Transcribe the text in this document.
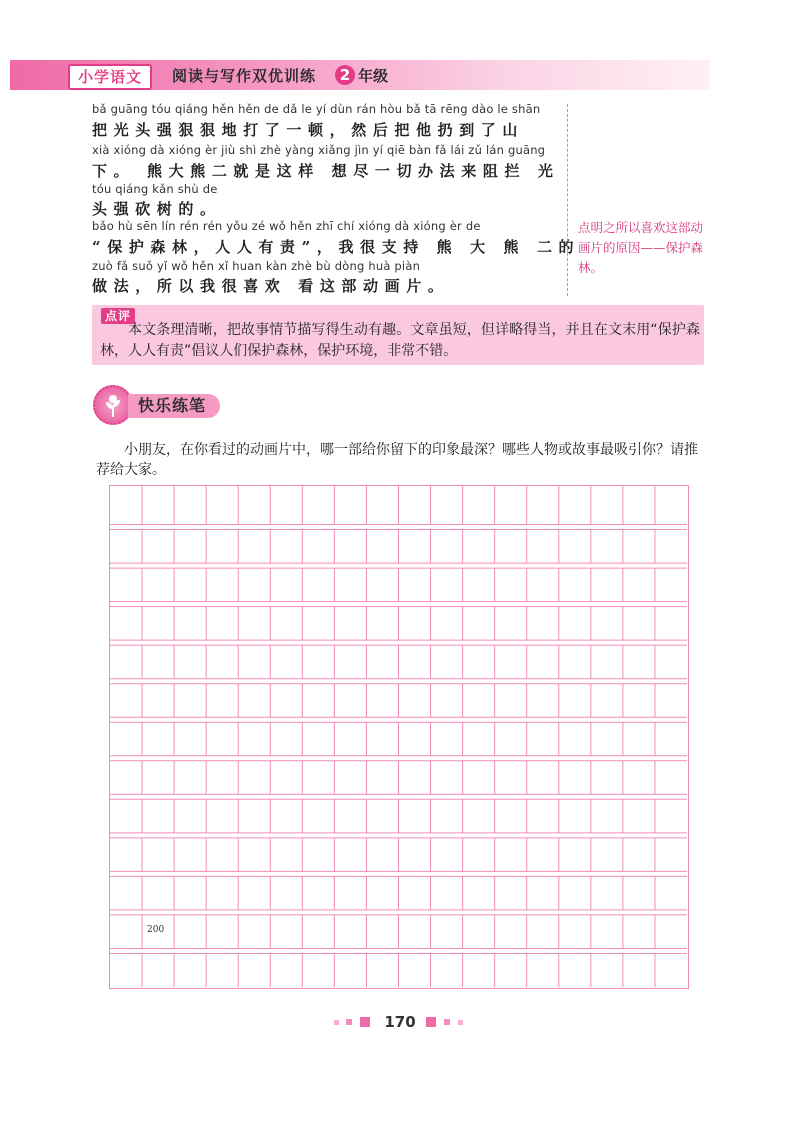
小学语文	阅读与写作双优训练	2 年级
bǎ guāng tóu qiáng hěn hěn de dǎ le yí dùn rán hòu bǎ tā rēng dào le shān
把光头强狠狠地打了一顿，然后把他扔到了山
xià xióng dà xióng èr jiù shì zhè yàng xiǎng jìn yí qiē bàn fǎ lái zǔ lán guāng
下。 熊大熊二就是这样 想尽一切办法来阻拦 光
tóu qiáng kǎn shù de
头强砍树的。
bǎo hù sēn lín rén rén yǒu zé wǒ hěn zhī chí xióng dà xióng èr de
“保护森林，人人有责”，我很支持 熊 大 熊 二的
zuò fǎ suǒ yǐ wǒ hěn xǐ huan kàn zhè bù dòng huà piàn
做法，所以我很喜欢 看这部动画片。
点明之所以喜欢这部动画片的原因——保护森林。
点评
本文条理清晰，把故事情节描写得生动有趣。文章虽短，但详略得当，并且在文末用“保护森林，人人有责”倡议人们保护森林，保护环境，非常不错。
快乐练笔
小朋友，在你看过的动画片中，哪一部给你留下的印象最深？哪些人物或故事最吸引你？请推荐给大家。
200
170
